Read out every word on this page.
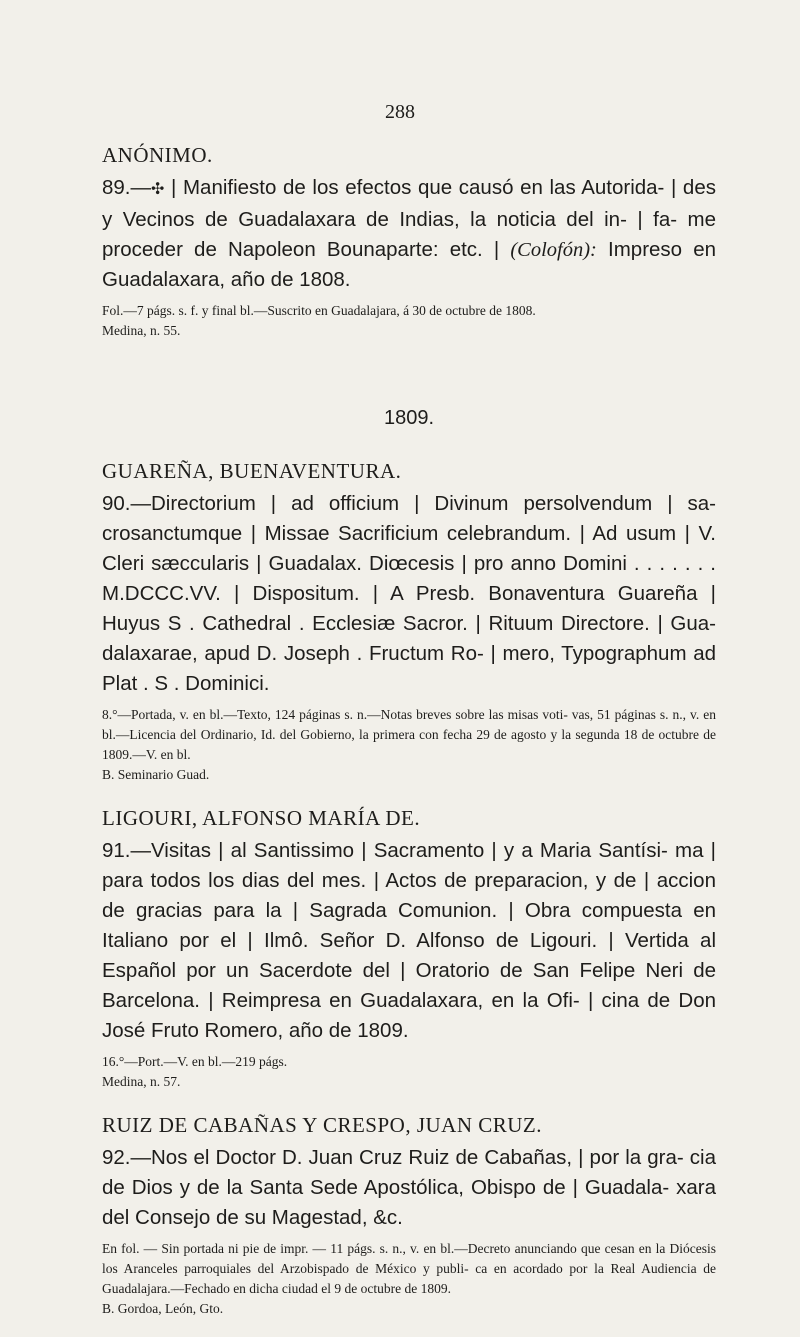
288
ANÓNIMO.

89.—✣ | Manifiesto de los efectos que causó en las Autorida- | des y Vecinos de Guadalaxara de Indias, la noticia del in- | fa- me proceder de Napoleon Bounaparte: etc. | (Colofón): Impreso en Guadalaxara, año de 1808.

Fol.—7 págs. s. f. y final bl.—Suscrito en Guadalajara, á 30 de octubre de 1808.
Medina, n. 55.
1809.
GUAREÑA, BUENAVENTURA.

90.—Directorium | ad officium | Divinum persolvendum | sa- crosanctumque | Missae Sacrificium celebrandum. | Ad usum | V. Cleri sæccularis | Guadalax. Diœcesis | pro anno Domini . . . . . . . M.DCCC.VV. | Dispositum. | A Presb. Bonaventura Guareña | Huyus S . Cathedral . Ecclesiæ Sacror. | Rituum Directore. | Gua- dalaxarae, apud D. Joseph . Fructum Ro- | mero, Typographum ad Plat . S . Dominici.

8.°—Portada, v. en bl.—Texto, 124 páginas s. n.—Notas breves sobre las misas voti- vas, 51 páginas s. n., v. en bl.—Licencia del Ordinario, Id. del Gobierno, la primera con fecha 29 de agosto y la segunda 18 de octubre de 1809.—V. en bl.
B. Seminario Guad.
LIGOURI, ALFONSO MARÍA DE.

91.—Visitas | al Santissimo | Sacramento | y a Maria Santísi- ma | para todos los dias del mes. | Actos de preparacion, y de | accion de gracias para la | Sagrada Comunion. | Obra compuesta en Italiano por el | Ilmô. Señor D. Alfonso de Ligouri. | Vertida al Español por un Sacerdote del | Oratorio de San Felipe Neri de Barcelona. | Reimpresa en Guadalaxara, en la Ofi- | cina de Don José Fruto Romero, año de 1809.

16.°—Port.—V. en bl.—219 págs.
Medina, n. 57.
RUIZ DE CABAÑAS Y CRESPO, JUAN CRUZ.

92.—Nos el Doctor D. Juan Cruz Ruiz de Cabañas, | por la gra- cia de Dios y de la Santa Sede Apostólica, Obispo de | Guadala- xara del Consejo de su Magestad, &c.

En fol. — Sin portada ni pie de impr. — 11 págs. s. n., v. en bl.—Decreto anunciando que cesan en la Diócesis los Aranceles parroquiales del Arzobispado de México y publi- ca en acordado por la Real Audiencia de Guadalajara.—Fechado en dicha ciudad el 9 de octubre de 1809.
B. Gordoa, León, Gto.
